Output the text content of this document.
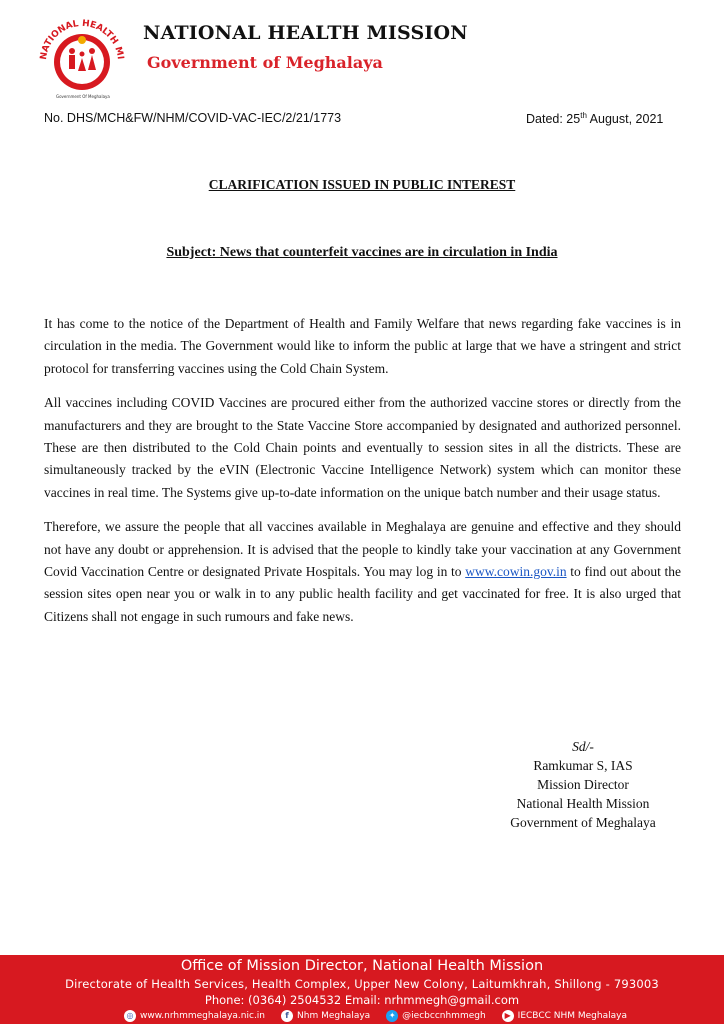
NATIONAL HEALTH MI
Government Of Meghalaya
NATIONAL HEALTH MISSION
Government of Meghalaya
No. DHS/MCH&FW/NHM/COVID-VAC-IEC/2/21/1773	Dated: 25th August, 2021
CLARIFICATION ISSUED IN PUBLIC INTEREST
Subject: News that counterfeit vaccines are in circulation in India

It has come to the notice of the Department of Health and Family Welfare that news regarding fake vaccines is in circulation in the media. The Government would like to inform the public at large that we have a stringent and strict protocol for transferring vaccines using the Cold Chain System.

All vaccines including COVID Vaccines are procured either from the authorized vaccine stores or directly from the manufacturers and they are brought to the State Vaccine Store accompanied by designated and authorized personnel. These are then distributed to the Cold Chain points and eventually to session sites in all the districts. These are simultaneously tracked by the eVIN (Electronic Vaccine Intelligence Network) system which can monitor these vaccines in real time. The Systems give up-to-date information on the unique batch number and their usage status.

Therefore, we assure the people that all vaccines available in Meghalaya are genuine and effective and they should not have any doubt or apprehension. It is advised that the people to kindly take your vaccination at any Government Covid Vaccination Centre or designated Private Hospitals. You may log in to www.cowin.gov.in to find out about the session sites open near you or walk in to any public health facility and get vaccinated for free. It is also urged that Citizens shall not engage in such rumours and fake news.

Sd/-
Ramkumar S, IAS
Mission Director
National Health Mission
Government of Meghalaya
Office of Mission Director, National Health Mission
Directorate of Health Services, Health Complex, Upper New Colony, Laitumkhrah, Shillong - 793003
Phone: (0364) 2504532 Email: nrhmmegh@gmail.com
◎ www.nrhmmeghalaya.nic.in	f Nhm Meghalaya	✦ @iecbccnhmmegh	▶ IECBCC NHM Meghalaya
